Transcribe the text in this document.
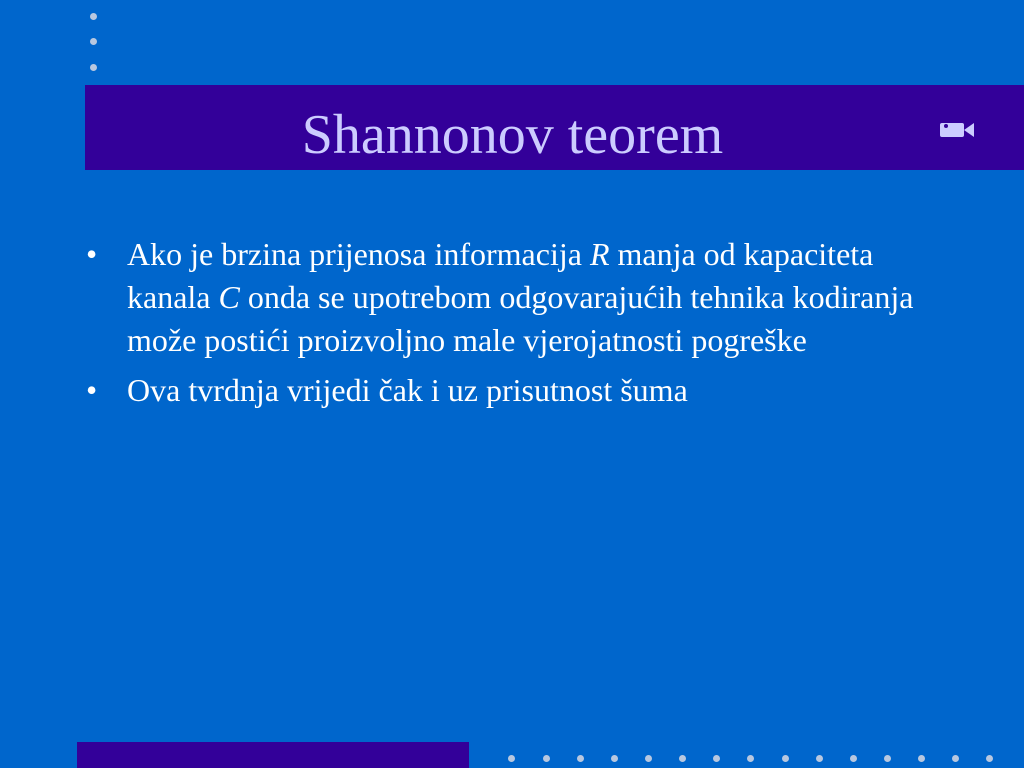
Shannonov teorem
• Ako je brzina prijenosa informacija R manja od kapaciteta kanala C onda se upotrebom odgovarajućih tehnika kodiranja može postići proizvoljno male vjerojatnosti pogreške
• Ova tvrdnja vrijedi čak i uz prisutnost šuma
